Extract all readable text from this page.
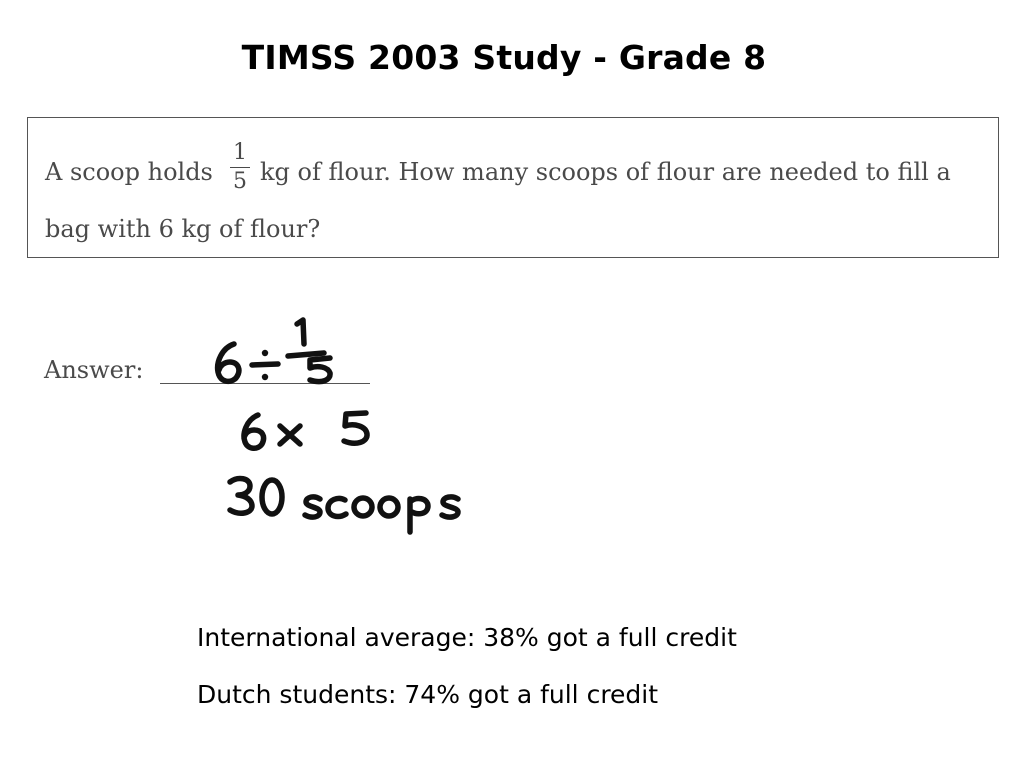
TIMSS 2003 Study - Grade 8
A scoop holds
1
5 kg of flour. How many scoops of flour are needed to fill a
bag with 6 kg of flour?
Answer:
International average: 38% got a full credit
Dutch students: 74% got a full credit
